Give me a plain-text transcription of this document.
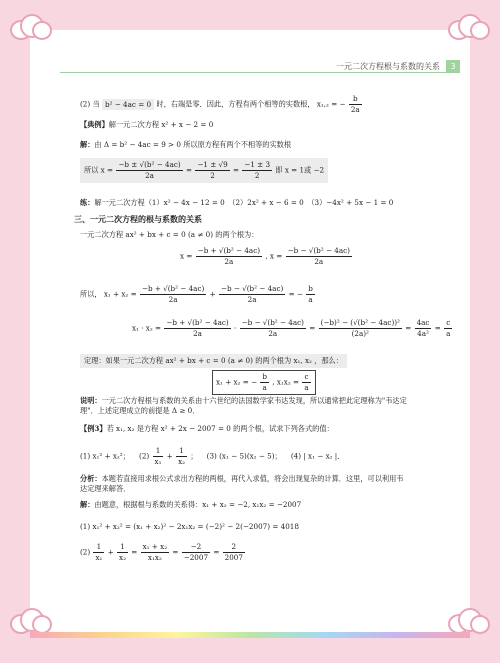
一元二次方程根与系数的关系 3
(2) 当 b² − 4ac = 0 时，右端是零．因此，方程有两个相等的实数根， x₁,₂ = − $\frac{b}{2a}$
【典例】解一元二次方程 x² + x − 2 = 0
解：由 Δ = b² − 4ac = 9 > 0 所以原方程有两个不相等的实数根
所以 $x = \frac{\text{−b ± √(b² − 4ac)}}{2a} = \frac{-1 \pm √9}{2} = \frac{-1 \pm 3}{2}$ 即 x = 1或 −2
练：解一元二次方程（1）x² − 4x − 12 = 0　（2）2x² + x − 6 = 0　（3）−4x² + 5x − 1 = 0
三、一元二次方程的根与系数的关系
一元二次方程 ax² + bx + c = 0 (a ≠ 0) 的两个根为：
$x = \frac{\text{−b + √(b² − 4ac)}}{2a}$ , $x = \frac{\text{−b − √(b² − 4ac)}}{2a}$
所以， $x_1 + x_2 = \frac{\text{−b + √(b² − 4ac)}}{2a} + \frac{\text{−b − √(b² − 4ac)}}{2a}$ = − $\frac{b}{a}$
$x_1 \cdot x_2 = \frac{\text{−b + √(b² − 4ac)}}{2a} \cdot \frac{\text{−b − √(b² − 4ac)}}{2a} = \frac{\text{(−b)² − (√(b² − 4ac))²}}{\text{(2a)²}} = \frac{4ac}{\text{4a²}} = \frac{c}{a}$
定理：如果一元二次方程 ax² + bx + c = 0 (a ≠ 0) 的两个根为 x₁, x₂ ，那么：
x₁ + x₂ = − $\frac{b}{a}$ , $x_1x_2 = \frac{c}{a}$
说明：一元二次方程根与系数的关系由十六世纪的法国数学家韦达发现，所以通常把此定理称为"韦达定理"．上述定理成立的前提是 Δ ≥ 0．
【例3】若 x₁, x₂ 是方程 x² + 2x − 2007 = 0 的两个根，试求下列各式的值：
(1) x₁² + x₂²； $(2) \frac{1}{\text{x₁}} + \frac{1}{\text{x₂}}$ ； (3) (x₁ − 5)(x₂ − 5)； (4) | x₁ − x₂ |．
分析：本题若直接用求根公式求出方程的两根，再代入求值，将会出现复杂的计算．这里，可以利用韦达定理来解答．
解：由题意，根据根与系数的关系得：x₁ + x₂ = −2, x₁x₂ = −2007
(1) x₁² + x₂² = (x₁ + x₂)² − 2x₁x₂ = (−2)² − 2(−2007) = 4018
$(2) \frac{1}{\text{x₁}} + \frac{1}{\text{x₂}} = \frac{\text{x₁ + x₂}}{\text{x₁x₂}} = \frac{-2}{-2007} = \frac{2}{2007}$
